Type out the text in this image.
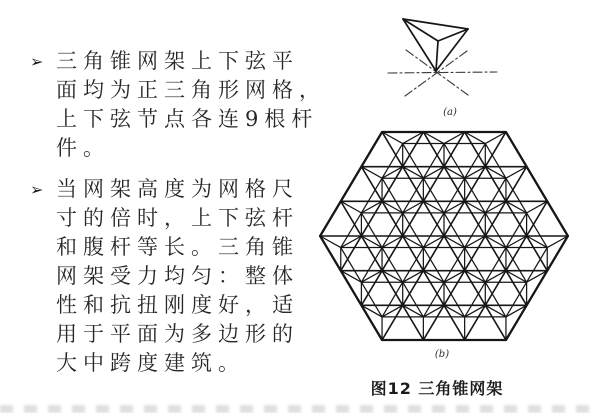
➢ 三角锥网架上下弦平
面均为正三角形网格，
上下弦节点各连9根杆
件。
➢ 当网架高度为网格尺
寸的倍时，上下弦杆
和腹杆等长。三角锥
网架受力均匀：整体
性和抗扭刚度好，适
用于平面为多边形的
大中跨度建筑。
(a)
(b)
图12 三角锥网架
